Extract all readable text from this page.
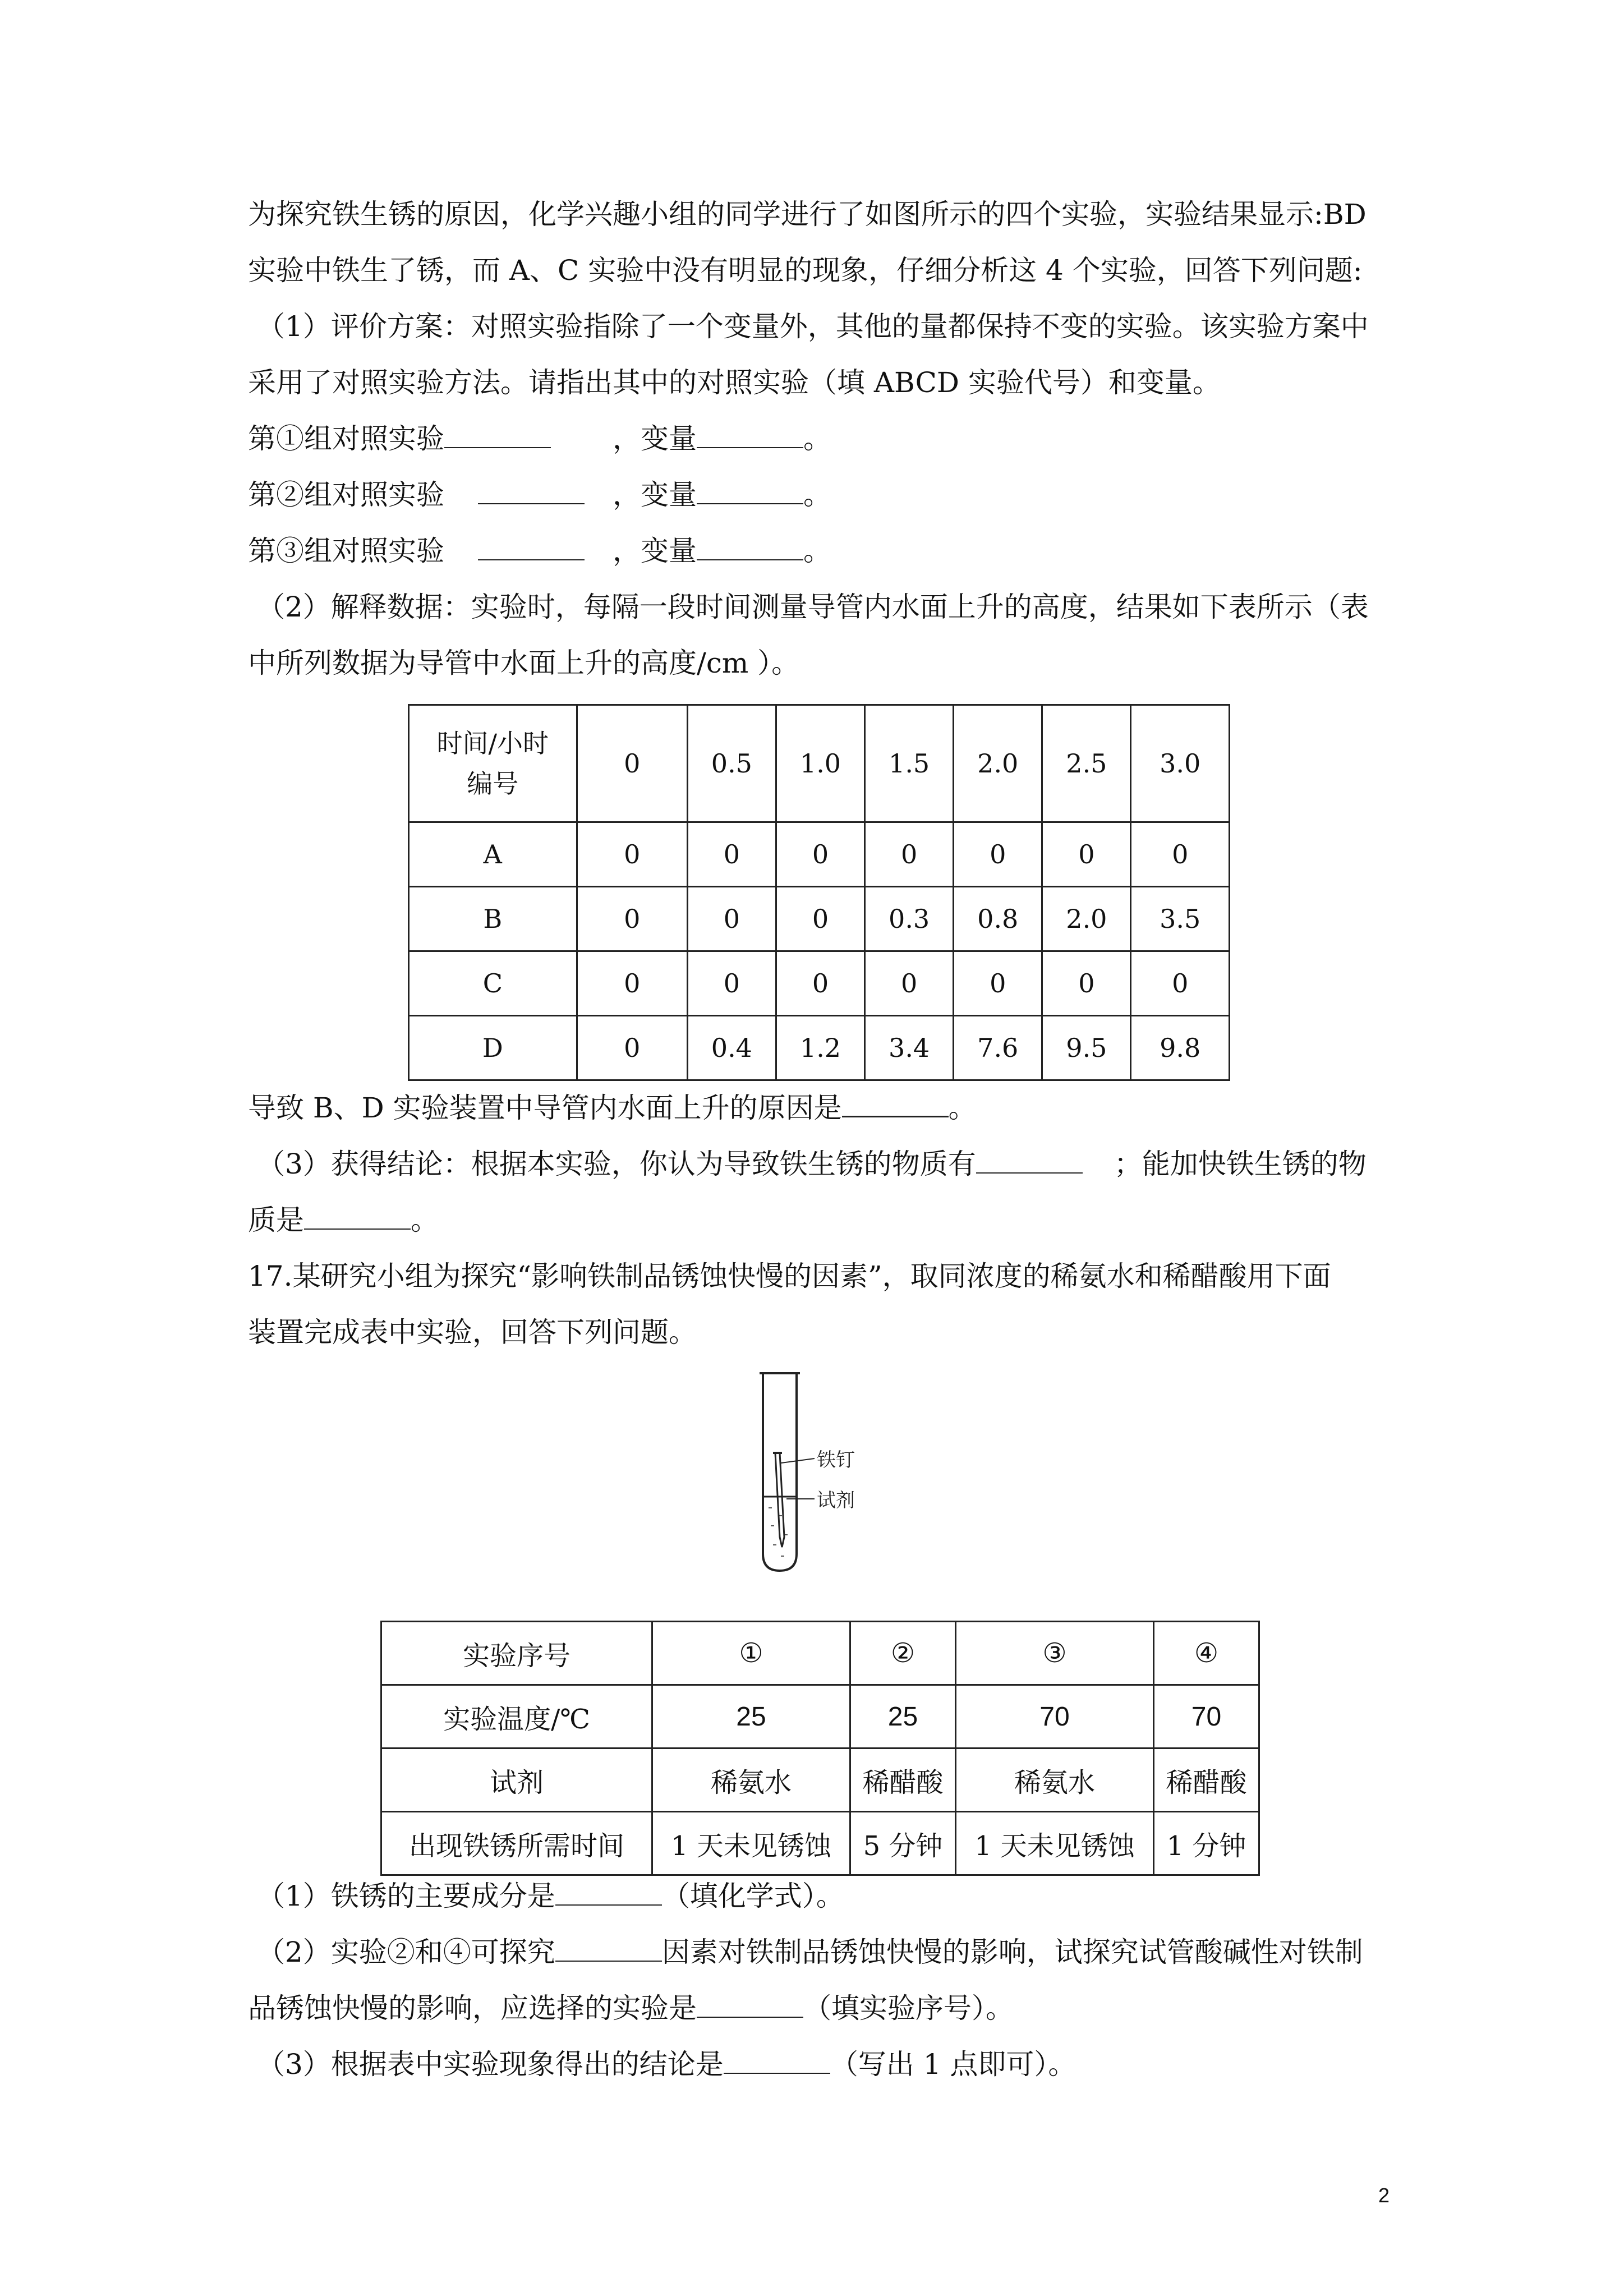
为探究铁生锈的原因，化学兴趣小组的同学进行了如图所示的四个实验，实验结果显示:BD
实验中铁生了锈，而 A、C 实验中没有明显的现象，仔细分析这 4 个实验，回答下列问题:
（1）评价方案：对照实验指除了一个变量外，其他的量都保持不变的实验。该实验方案中
采用了对照实验方法。请指出其中的对照实验（填 ABCD 实验代号）和变量。
第①组对照实验	，变量	。
第②组对照实验	，变量	。
第③组对照实验	，变量	。
（2）解释数据：实验时，每隔一段时间测量导管内水面上升的高度，结果如下表所示（表
中所列数据为导管中水面上升的高度/cm ）。
时间/小时
编号	0	0.5	1.0	1.5	2.0	2.5	3.0
A	0	0	0	0	0	0	0
B	0	0	0	0.3	0.8	2.0	3.5
C	0	0	0	0	0	0	0
D	0	0.4	1.2	3.4	7.6	9.5	9.8
导致 B、D 实验装置中导管内水面上升的原因是	。
（3）获得结论：根据本实验，你认为导致铁生锈的物质有	；能加快铁生锈的物
质是	。
17.某研究小组为探究“影响铁制品锈蚀快慢的因素”，取同浓度的稀氨水和稀醋酸用下面
装置完成表中实验，回答下列问题。
铁钉
试剂
实验序号	①	②	③	④
实验温度/℃	25	25	70	70
试剂	稀氨水	稀醋酸	稀氨水	稀醋酸
出现铁锈所需时间	1 天未见锈蚀	5 分钟	1 天未见锈蚀	1 分钟
（1）铁锈的主要成分是	（填化学式）。
（2）实验②和④可探究	因素对铁制品锈蚀快慢的影响，试探究试管酸碱性对铁制
品锈蚀快慢的影响，应选择的实验是	（填实验序号）。
（3）根据表中实验现象得出的结论是	（写出 1 点即可）。
2
